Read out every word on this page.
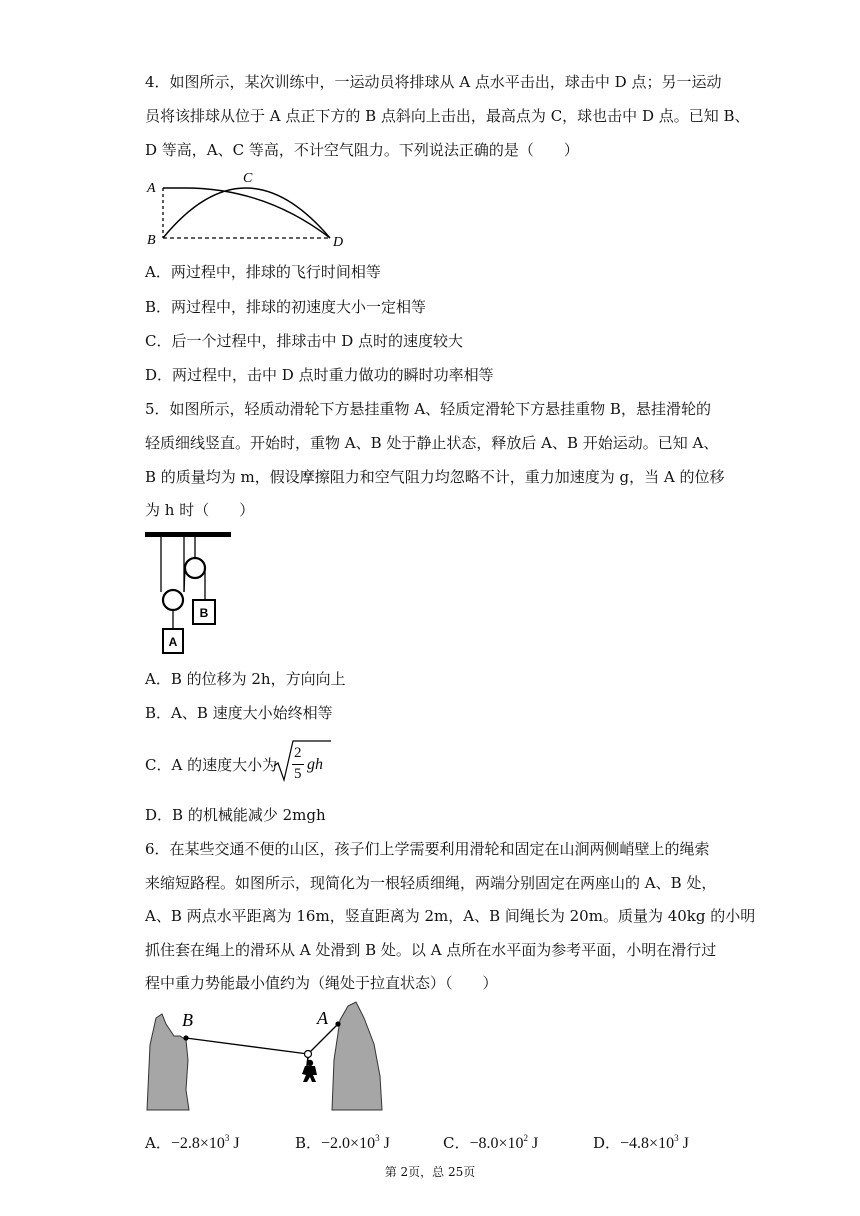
4．如图所示，某次训练中，一运动员将排球从 A 点水平击出，球击中 D 点；另一运动
员将该排球从位于 A 点正下方的 B 点斜向上击出，最高点为 C，球也击中 D 点。已知 B、
D 等高，A、C 等高，不计空气阻力。下列说法正确的是（　　）
A
B
C
D
A．两过程中，排球的飞行时间相等
B．两过程中，排球的初速度大小一定相等
C．后一个过程中，排球击中 D 点时的速度较大
D．两过程中，击中 D 点时重力做功的瞬时功率相等
5．如图所示，轻质动滑轮下方悬挂重物 A、轻质定滑轮下方悬挂重物 B，悬挂滑轮的
轻质细线竖直。开始时，重物 A、B 处于静止状态，释放后 A、B 开始运动。已知 A、
B 的质量均为 m，假设摩擦阻力和空气阻力均忽略不计，重力加速度为 g，当 A 的位移
为 h 时（　　）
B
A
A．B 的位移为 2h，方向向上
B．A、B 速度大小始终相等
C．A 的速度大小为
2
5
gh
D．B 的机械能减少 2mgh
6．在某些交通不便的山区，孩子们上学需要利用滑轮和固定在山涧两侧峭壁上的绳索
来缩短路程。如图所示，现简化为一根轻质细绳，两端分别固定在两座山的 A、B 处，
A、B 两点水平距离为 16m，竖直距离为 2m，A、B 间绳长为 20m。质量为 40kg 的小明
抓住套在绳上的滑环从 A 处滑到 B 处。以 A 点所在水平面为参考平面，小明在滑行过
程中重力势能最小值约为（绳处于拉直状态）（　　）
B	A
A．$-2.8\times 10^3$ J	B．$-2.0\times 10^3$ J	C．$-8.0\times 10^2$ J	D．$-4.8\times 10^3$ J
第 2页，总 25页
